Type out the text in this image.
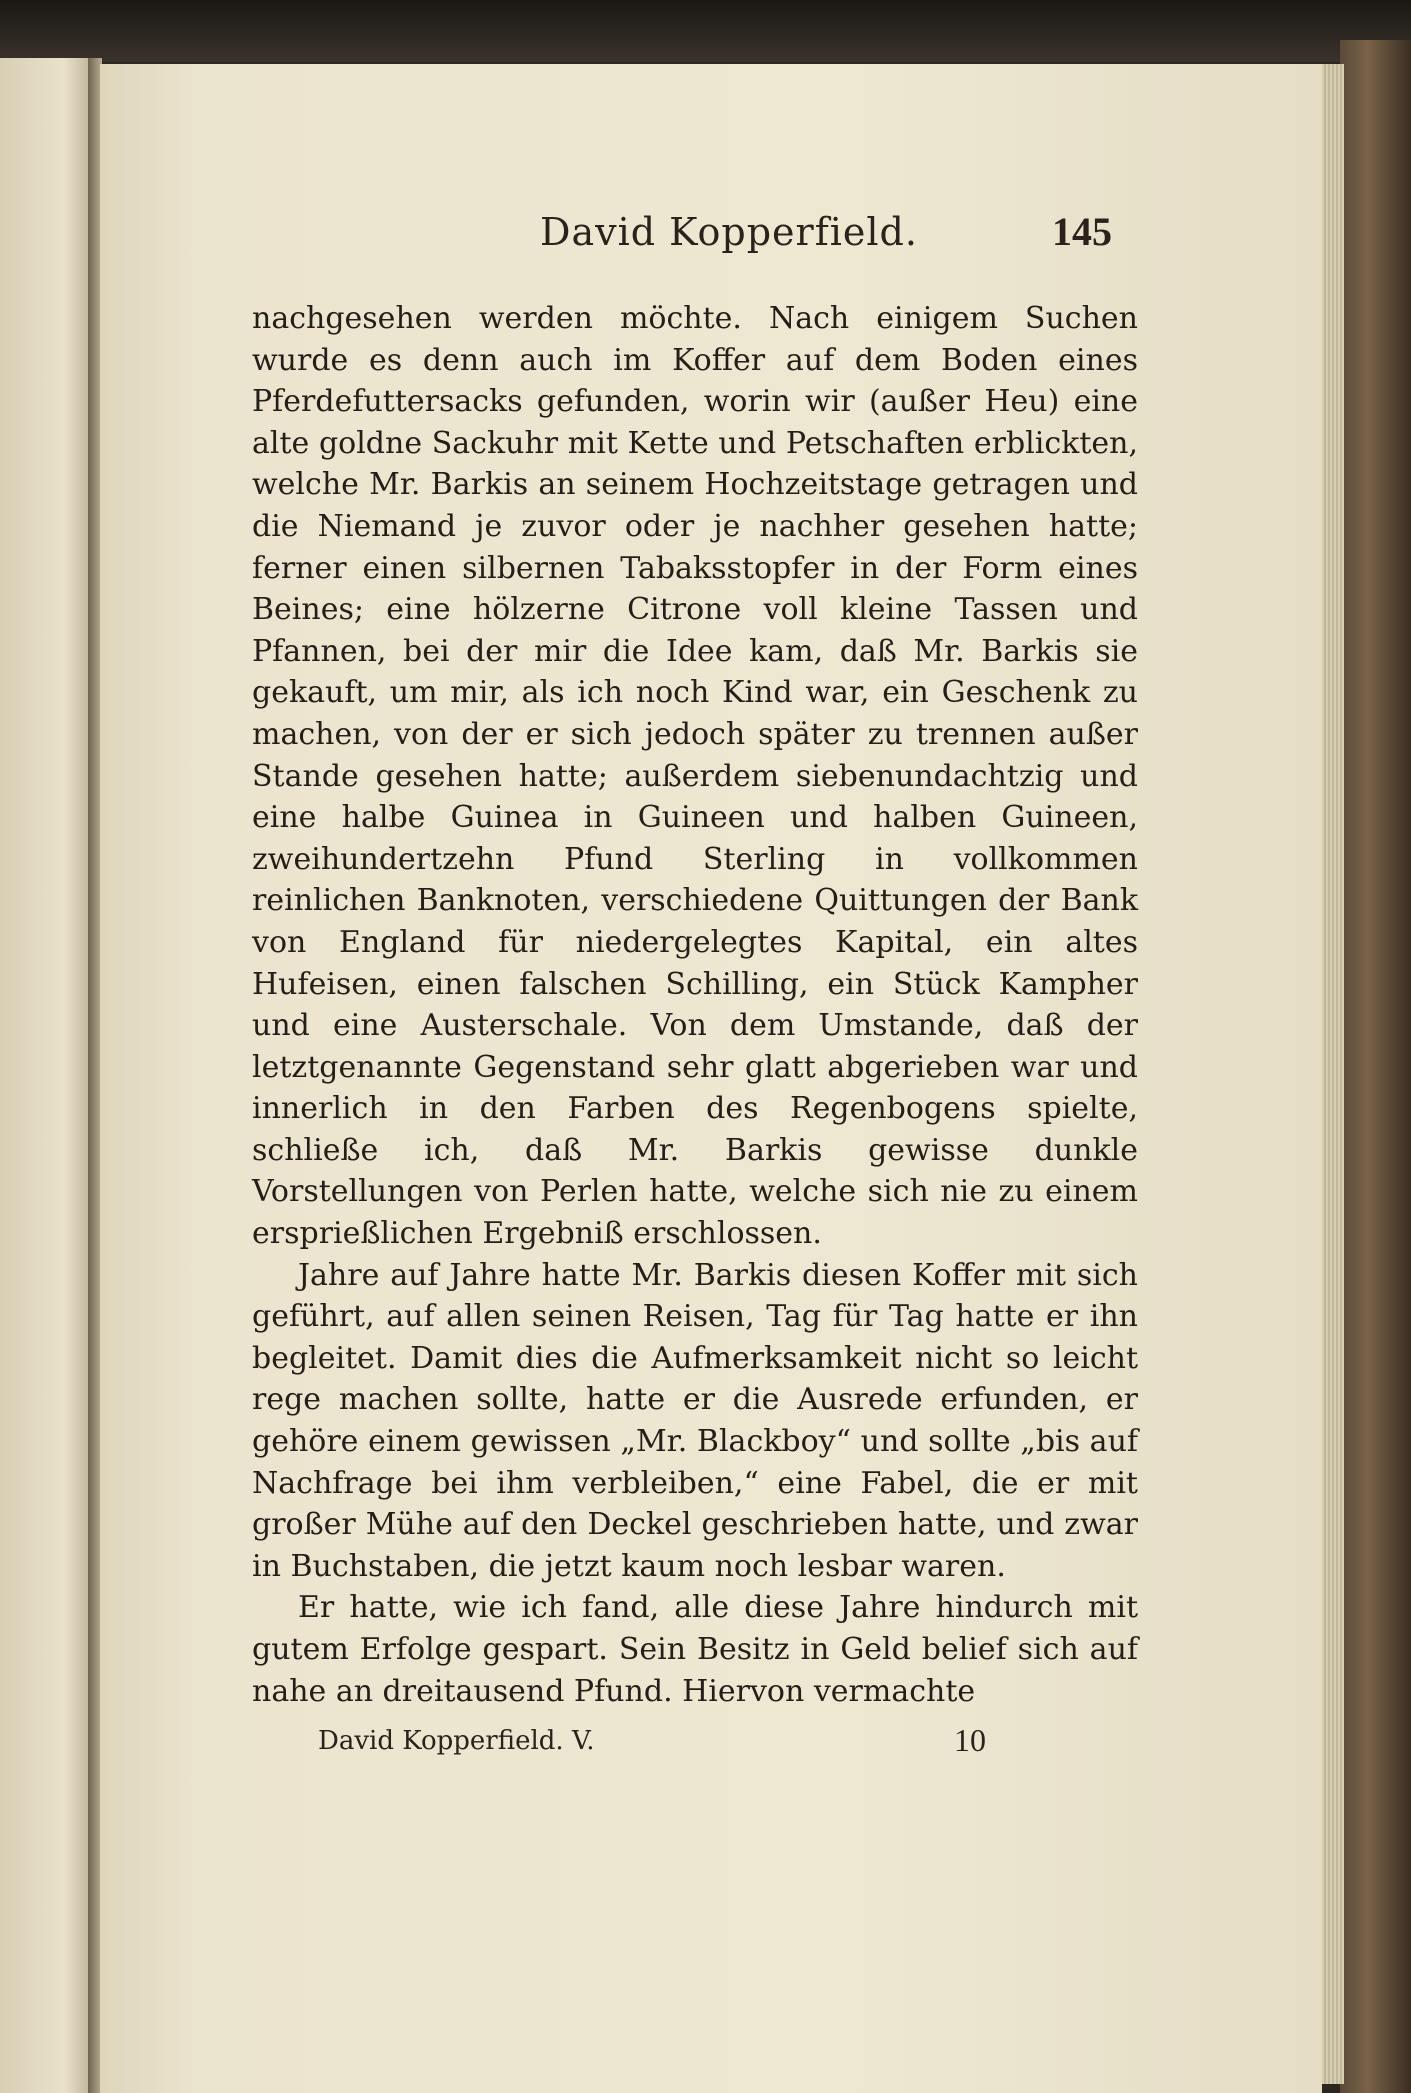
David Kopperfield.	145

nachgesehen werden möchte. Nach einigem Suchen wurde es denn auch im Koffer auf dem Boden eines Pferdefuttersacks gefunden, worin wir (außer Heu) eine alte goldne Sackuhr mit Kette und Petschaften erblickten, welche Mr. Barkis an seinem Hochzeitstage getragen und die Niemand je zuvor oder je nachher gesehen hatte; ferner einen silbernen Tabaksstopfer in der Form eines Beines; eine hölzerne Citrone voll kleine Tassen und Pfannen, bei der mir die Idee kam, daß Mr. Barkis sie gekauft, um mir, als ich noch Kind war, ein Geschenk zu machen, von der er sich jedoch später zu trennen außer Stande gesehen hatte; außerdem siebenundachtzig und eine halbe Guinea in Guineen und halben Guineen, zweihundertzehn Pfund Sterling in vollkommen reinlichen Banknoten, verschiedene Quittungen der Bank von England für niedergelegtes Kapital, ein altes Hufeisen, einen falschen Schilling, ein Stück Kampher und eine Austerschale. Von dem Umstande, daß der letztgenannte Gegenstand sehr glatt abgerieben war und innerlich in den Farben des Regenbogens spielte, schließe ich, daß Mr. Barkis gewisse dunkle Vorstellungen von Perlen hatte, welche sich nie zu einem ersprießlichen Ergebniß erschlossen.

Jahre auf Jahre hatte Mr. Barkis diesen Koffer mit sich geführt, auf allen seinen Reisen, Tag für Tag hatte er ihn begleitet. Damit dies die Aufmerksamkeit nicht so leicht rege machen sollte, hatte er die Ausrede erfunden, er gehöre einem gewissen „Mr. Blackboy“ und sollte „bis auf Nachfrage bei ihm verbleiben,“ eine Fabel, die er mit großer Mühe auf den Deckel geschrieben hatte, und zwar in Buchstaben, die jetzt kaum noch lesbar waren.

Er hatte, wie ich fand, alle diese Jahre hindurch mit gutem Erfolge gespart. Sein Besitz in Geld belief sich auf nahe an dreitausend Pfund. Hiervon vermachte

David Kopperfield. V.	10
